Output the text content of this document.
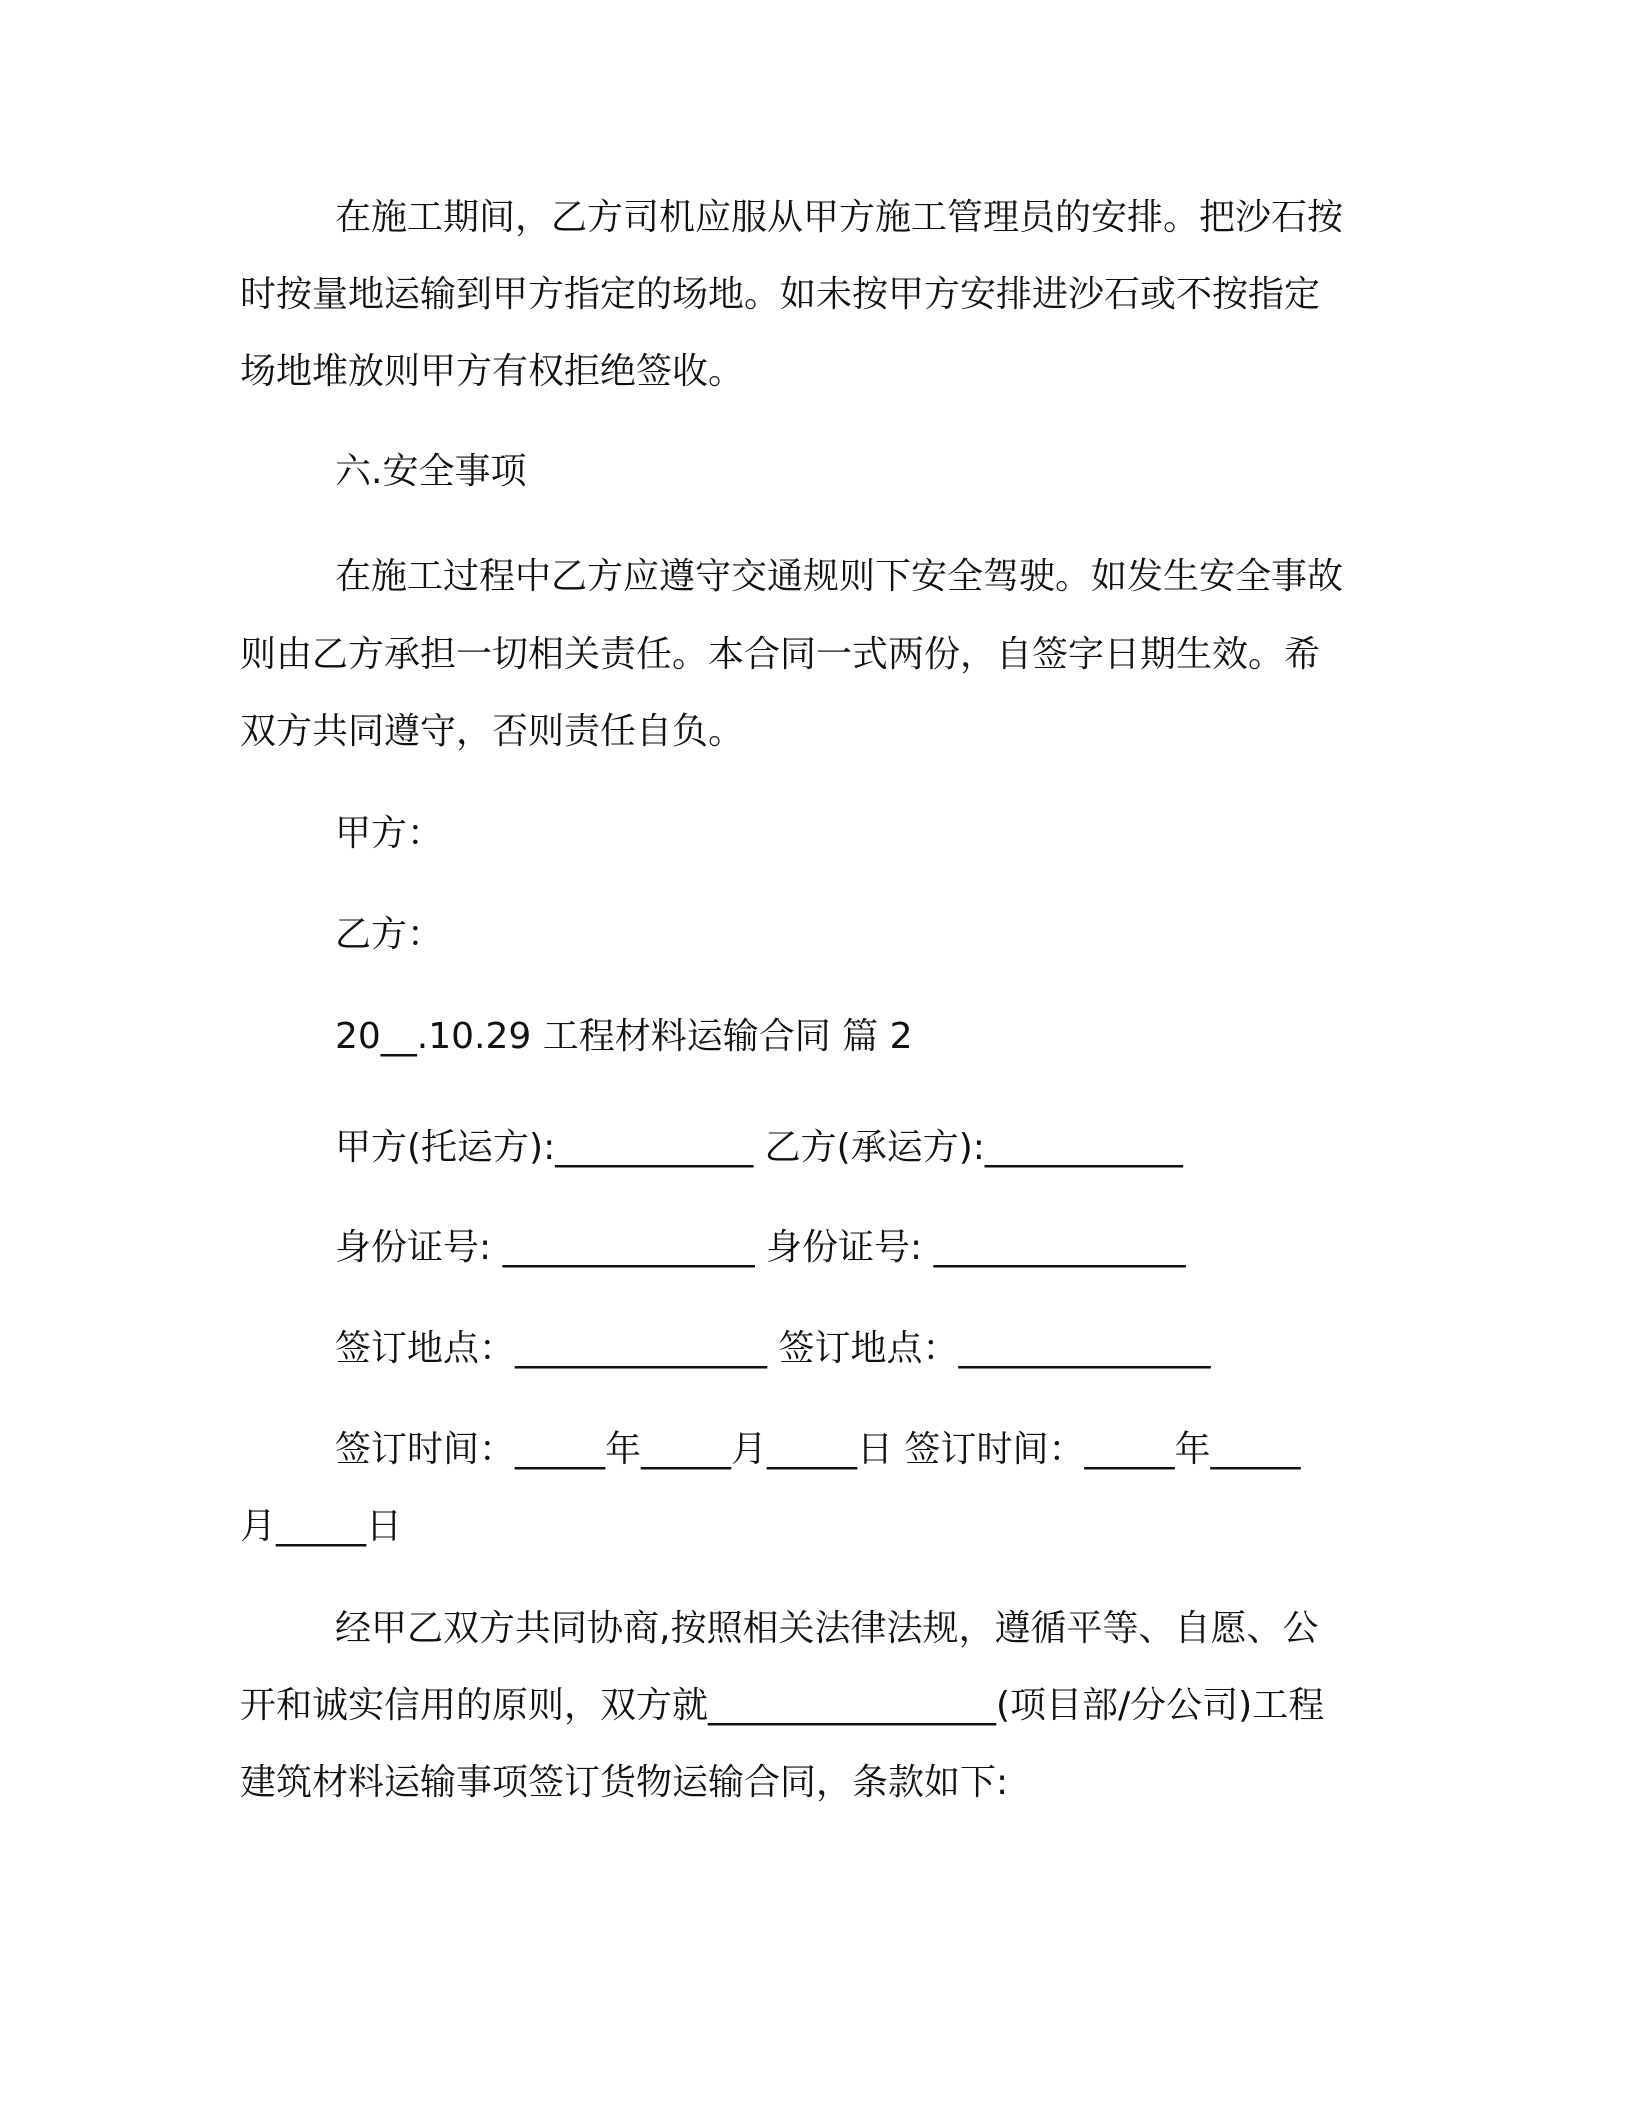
在施工期间，乙方司机应服从甲方施工管理员的安排。把沙石按

时按量地运输到甲方指定的场地。如未按甲方安排进沙石或不按指定

场地堆放则甲方有权拒绝签收。

六.安全事项

在施工过程中乙方应遵守交通规则下安全驾驶。如发生安全事故

则由乙方承担一切相关责任。本合同一式两份，自签字日期生效。希

双方共同遵守，否则责任自负。

甲方：

乙方：

20__.10.29 工程材料运输合同 篇 2

甲方(托运方):___________ 乙方(承运方):___________

身份证号: ______________ 身份证号: ______________

签订地点：______________ 签订地点：______________

签订时间：_____年_____月_____日 签订时间：_____年_____

月_____日

经甲乙双方共同协商,按照相关法律法规，遵循平等、自愿、公

开和诚实信用的原则，双方就________________(项目部/分公司)工程

建筑材料运输事项签订货物运输合同，条款如下:
